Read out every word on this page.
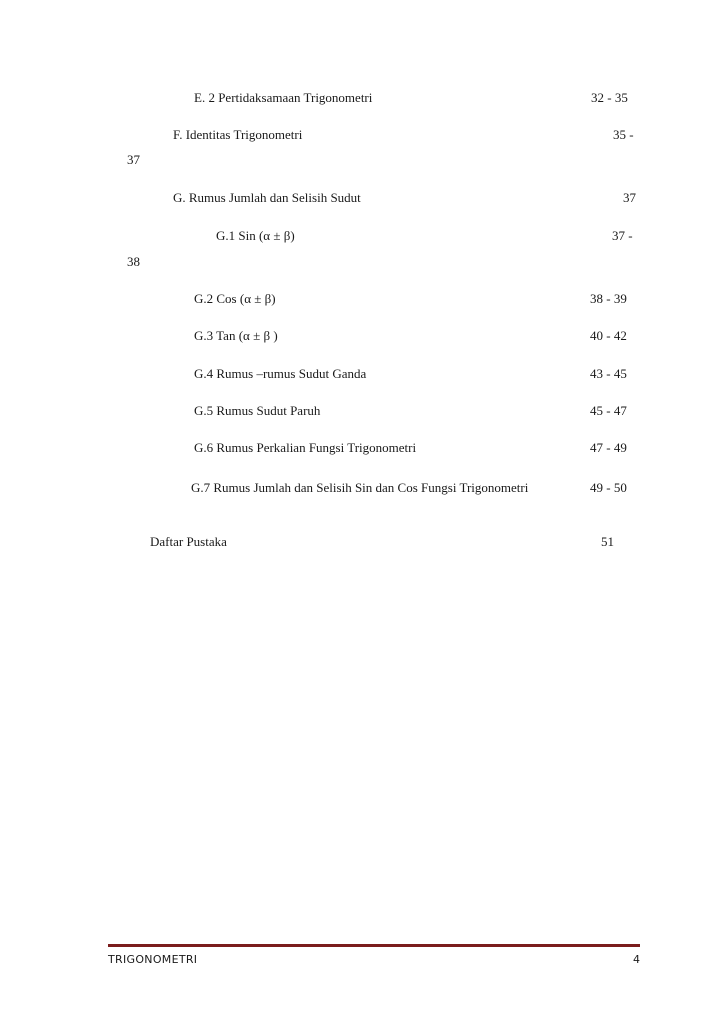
E. 2 Pertidaksamaan Trigonometri	32 - 35
F. Identitas Trigonometri	35 -
37
G. Rumus Jumlah dan Selisih Sudut	37
G.1 Sin (α ± β)	37 -
38
G.2 Cos (α ± β)	38 - 39
G.3 Tan (α ± β )	40 - 42
G.4 Rumus –rumus Sudut Ganda	43 - 45
G.5 Rumus Sudut Paruh	45 - 47
G.6 Rumus Perkalian Fungsi Trigonometri	47 - 49
G.7 Rumus Jumlah dan Selisih Sin dan Cos Fungsi Trigonometri	49 - 50
Daftar Pustaka	51
TRIGONOMETRI	4
